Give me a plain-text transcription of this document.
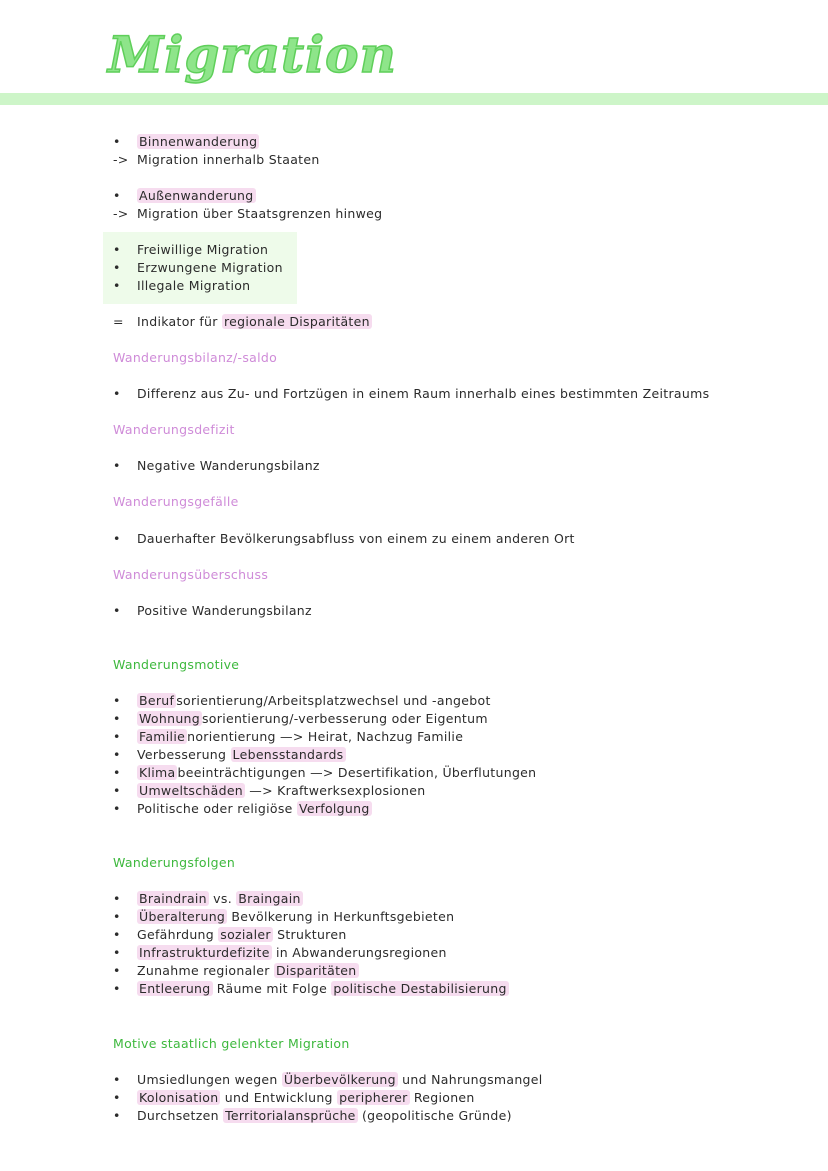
Migration
• Binnenwanderung
-> Migration innerhalb Staaten
• Außenwanderung
-> Migration über Staatsgrenzen hinweg
• Freiwillige Migration
• Erzwungene Migration
• Illegale Migration
= Indikator für regionale Disparitäten
Wanderungsbilanz/-saldo
• Differenz aus Zu- und Fortzügen in einem Raum innerhalb eines bestimmten Zeitraums
Wanderungsdefizit
• Negative Wanderungsbilanz
Wanderungsgefälle
• Dauerhafter Bevölkerungsabfluss von einem zu einem anderen Ort
Wanderungsüberschuss
• Positive Wanderungsbilanz
Wanderungsmotive
• Beruf sorientierung/Arbeitsplatzwechsel und -angebot
• Wohnung sorientierung/-verbesserung oder Eigentum
• Familie norientierung —> Heirat, Nachzug Familie
• Verbesserung Lebensstandards
• Klima beeinträchtigungen —> Desertifikation, Überflutungen
• Umweltschäden —> Kraftwerksexplosionen
• Politische oder religiöse Verfolgung
Wanderungsfolgen
• Braindrain vs. Braingain
• Überalterung Bevölkerung in Herkunftsgebieten
• Gefährdung sozialer Strukturen
• Infrastrukturdefizite in Abwanderungsregionen
• Zunahme regionaler Disparitäten
• Entleerung Räume mit Folge politische Destabilisierung
Motive staatlich gelenkter Migration
• Umsiedlungen wegen Überbevölkerung und Nahrungsmangel
• Kolonisation und Entwicklung peripherer Regionen
• Durchsetzen Territorialansprüche (geopolitische Gründe)
